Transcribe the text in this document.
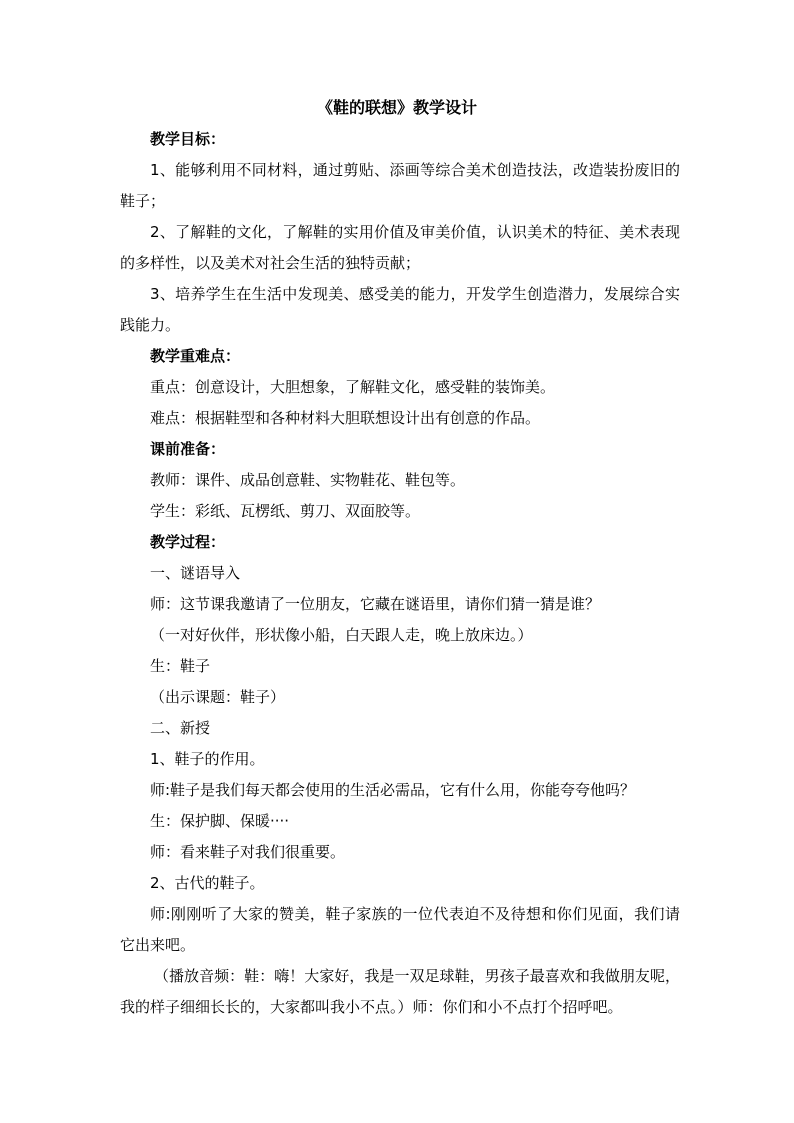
《鞋的联想》教学设计

教学目标：

1、能够利用不同材料，通过剪贴、添画等综合美术创造技法，改造装扮废旧的鞋子；

2、了解鞋的文化，了解鞋的实用价值及审美价值，认识美术的特征、美术表现的多样性，以及美术对社会生活的独特贡献；

3、培养学生在生活中发现美、感受美的能力，开发学生创造潜力，发展综合实践能力。

教学重难点：

重点：创意设计，大胆想象，了解鞋文化，感受鞋的装饰美。

难点：根据鞋型和各种材料大胆联想设计出有创意的作品。

课前准备：

教师：课件、成品创意鞋、实物鞋花、鞋包等。

学生：彩纸、瓦楞纸、剪刀、双面胶等。

教学过程：

一、谜语导入

师：这节课我邀请了一位朋友，它藏在谜语里，请你们猜一猜是谁？

（一对好伙伴，形状像小船，白天跟人走，晚上放床边。）

生：鞋子

（出示课题：鞋子）

二、新授

1、鞋子的作用。

师:鞋子是我们每天都会使用的生活必需品，它有什么用，你能夸夸他吗？

生：保护脚、保暖····

师：看来鞋子对我们很重要。

2、古代的鞋子。

师:刚刚听了大家的赞美，鞋子家族的一位代表迫不及待想和你们见面，我们请它出来吧。

（播放音频：鞋：嗨！大家好，我是一双足球鞋，男孩子最喜欢和我做朋友呢，我的样子细细长长的，大家都叫我小不点。）师：你们和小不点打个招呼吧。
